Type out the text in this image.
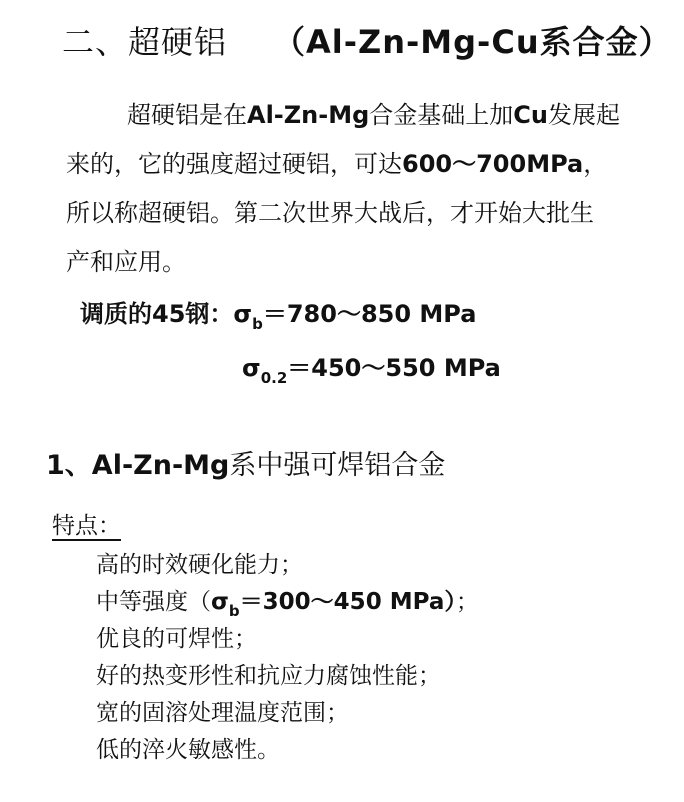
二、超硬铝 （Al-Zn-Mg-Cu系合金）
超硬铝是在Al-Zn-Mg合金基础上加Cu发展起
来的，它的强度超过硬铝，可达600～700MPa，
所以称超硬铝。第二次世界大战后，才开始大批生
产和应用。
调质的45钢：$\sigma_b=780\sim 850$ MPa
$\sigma_{0.2}=450\sim 550$ MPa
1、Al-Zn-Mg系中强可焊铝合金
特点：
高的时效硬化能力；
中等强度（$\sigma_b=300\sim 450$ MPa）；
优良的可焊性；
好的热变形性和抗应力腐蚀性能；
宽的固溶处理温度范围；
低的淬火敏感性。
